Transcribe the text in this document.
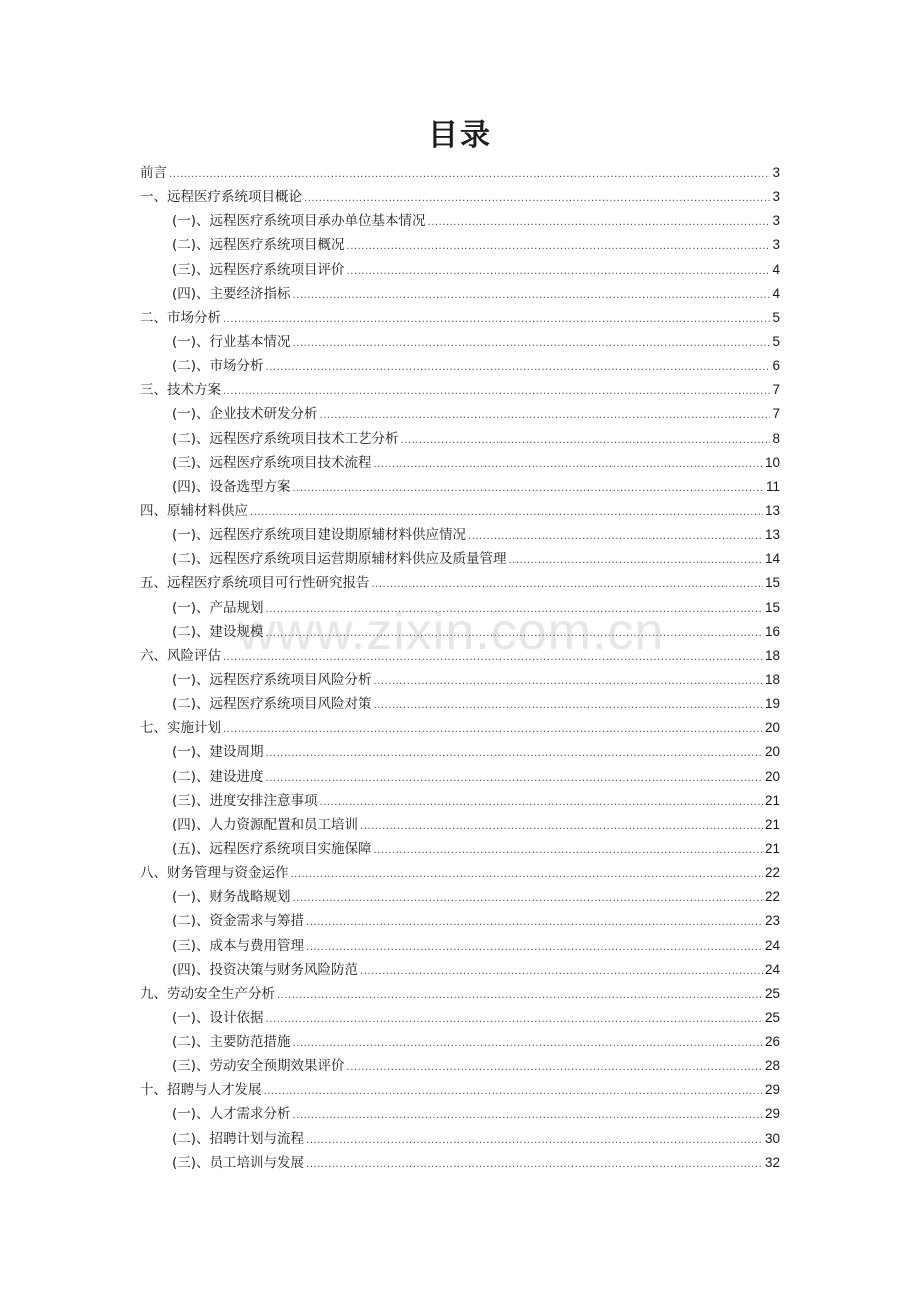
目录
www.zixin.com.cn
前言 .....	3
一、远程医疗系统项目概论 .....	3
(一)、远程医疗系统项目承办单位基本情况 .....	3
(二)、远程医疗系统项目概况 .....	3
(三)、远程医疗系统项目评价 .....	4
(四)、主要经济指标 .....	4
二、市场分析 .....	5
(一)、行业基本情况 .....	5
(二)、市场分析 .....	6
三、技术方案 .....	7
(一)、企业技术研发分析 .....	7
(二)、远程医疗系统项目技术工艺分析 .....	8
(三)、远程医疗系统项目技术流程 .....	10
(四)、设备选型方案 .....	11
四、原辅材料供应 .....	13
(一)、远程医疗系统项目建设期原辅材料供应情况 .....	13
(二)、远程医疗系统项目运营期原辅材料供应及质量管理 .....	14
五、远程医疗系统项目可行性研究报告 .....	15
(一)、产品规划 .....	15
(二)、建设规模 .....	16
六、风险评估 .....	18
(一)、远程医疗系统项目风险分析 .....	18
(二)、远程医疗系统项目风险对策 .....	19
七、实施计划 .....	20
(一)、建设周期 .....	20
(二)、建设进度 .....	20
(三)、进度安排注意事项 .....	21
(四)、人力资源配置和员工培训 .....	21
(五)、远程医疗系统项目实施保障 .....	21
八、财务管理与资金运作 .....	22
(一)、财务战略规划 .....	22
(二)、资金需求与筹措 .....	23
(三)、成本与费用管理 .....	24
(四)、投资决策与财务风险防范 .....	24
九、劳动安全生产分析 .....	25
(一)、设计依据 .....	25
(二)、主要防范措施 .....	26
(三)、劳动安全预期效果评价 .....	28
十、招聘与人才发展 .....	29
(一)、人才需求分析 .....	29
(二)、招聘计划与流程 .....	30
(三)、员工培训与发展 .....	32
